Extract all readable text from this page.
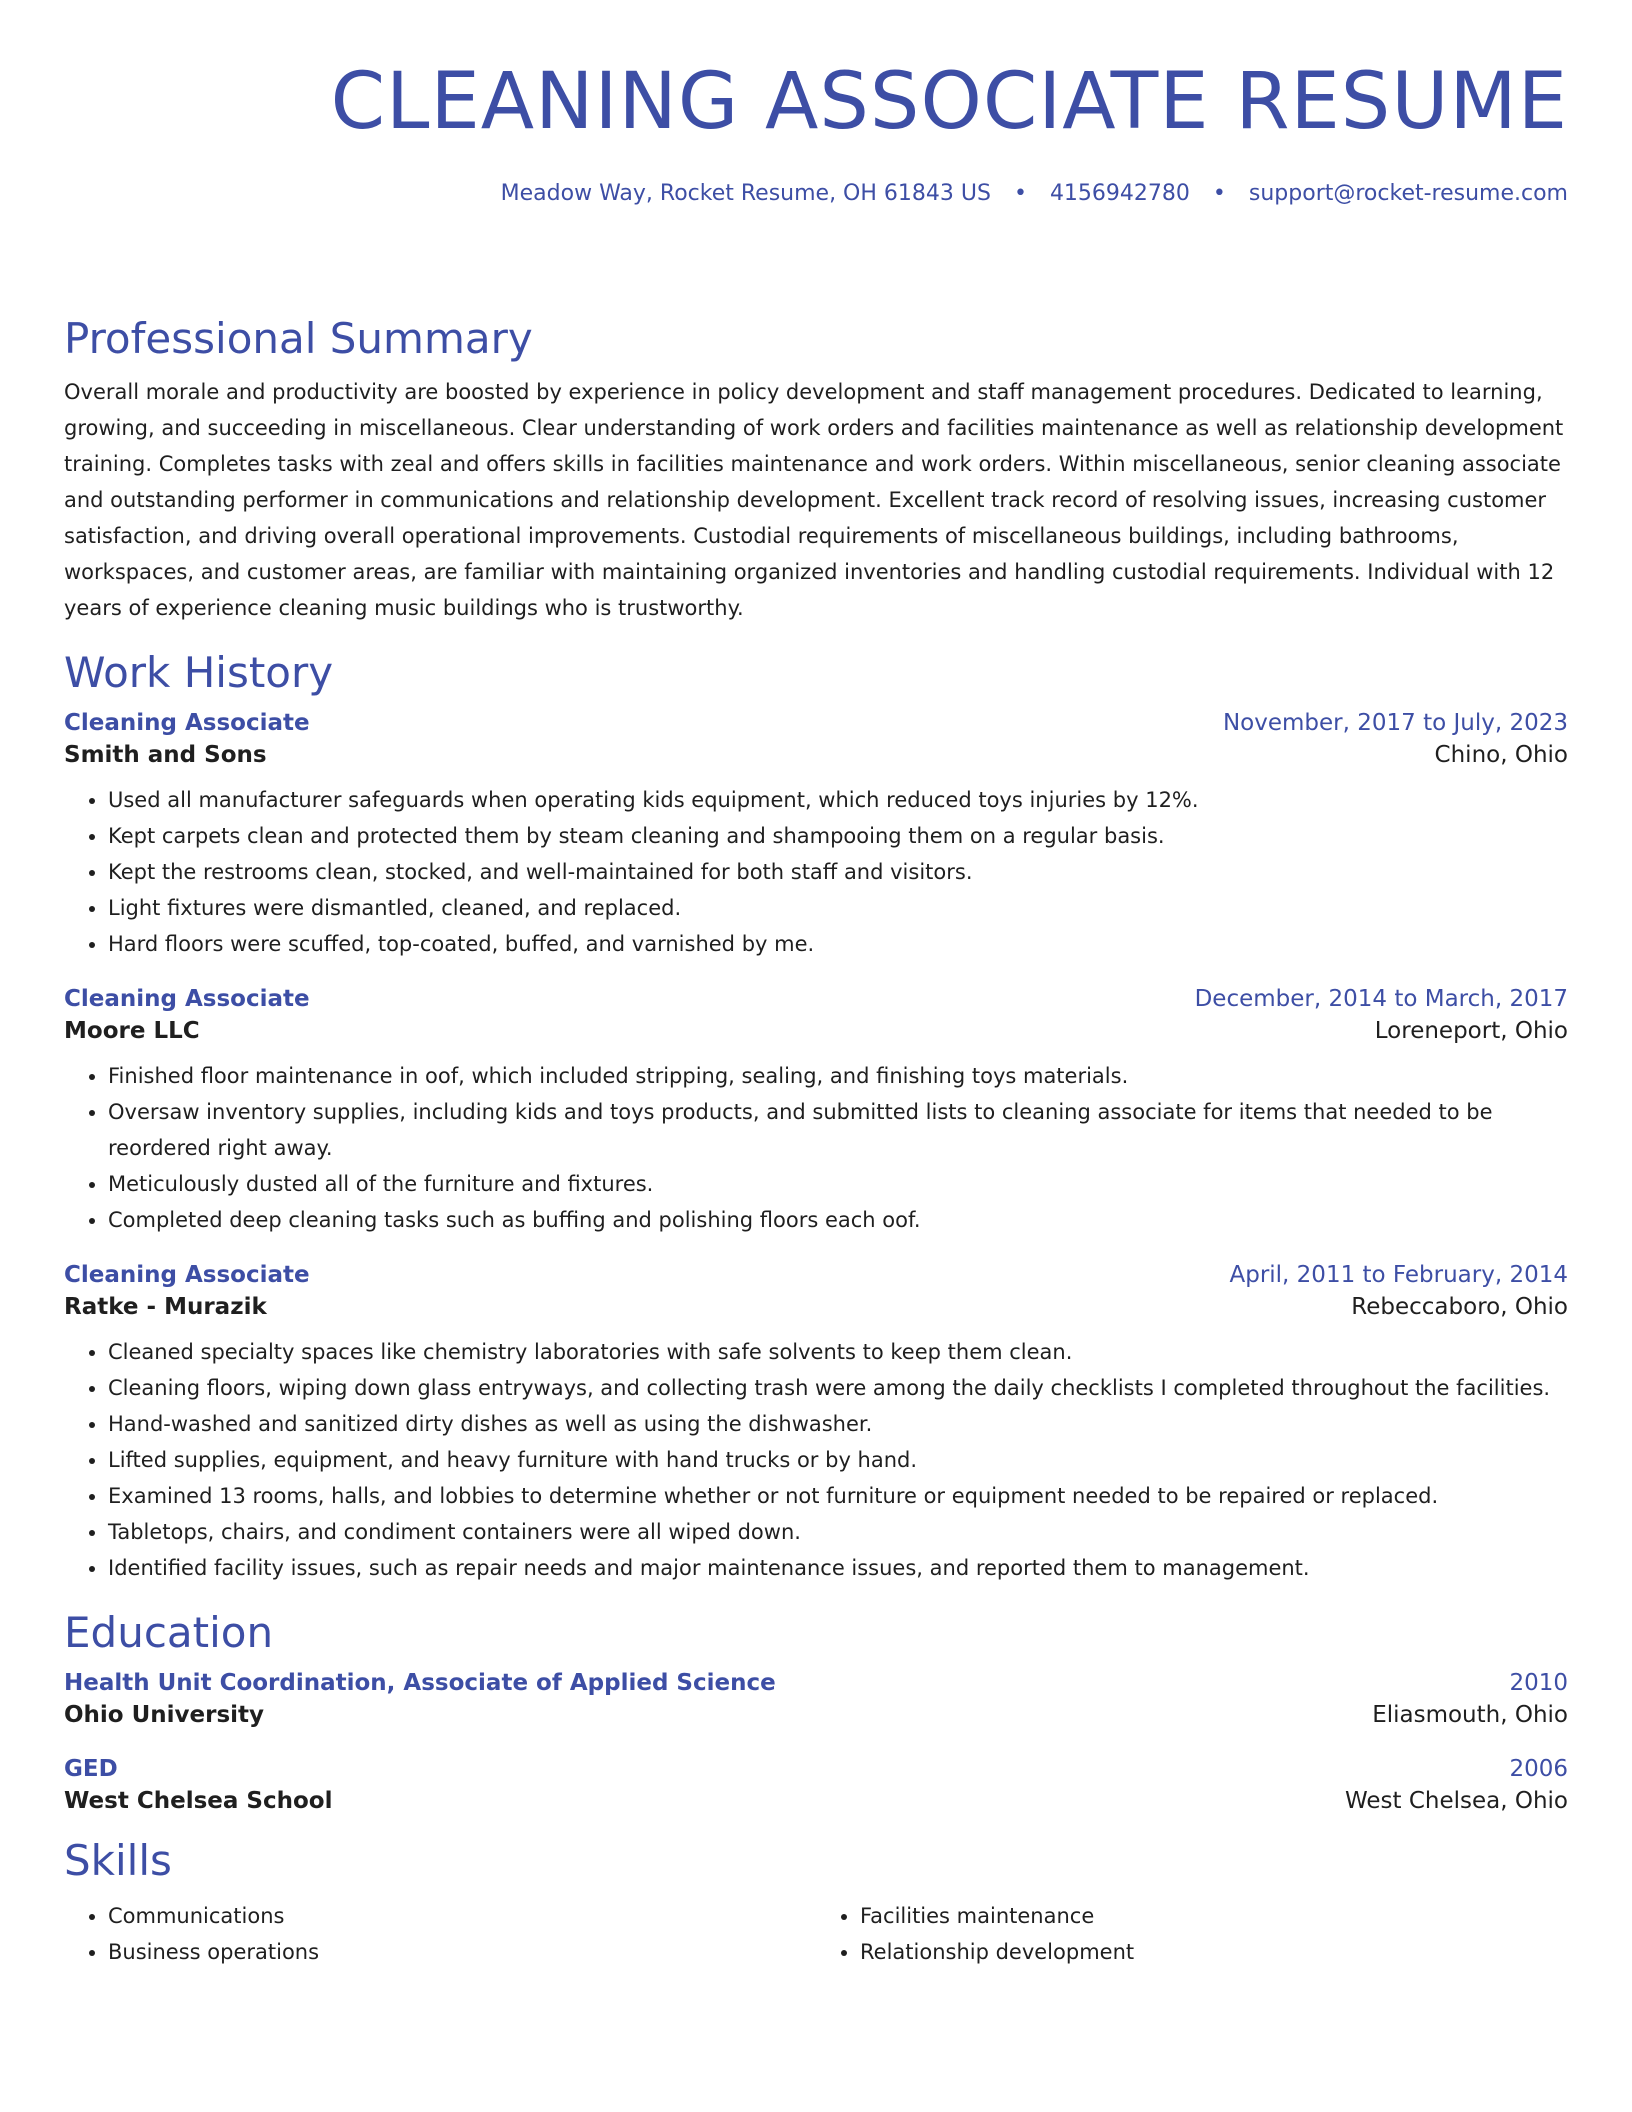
CLEANING ASSOCIATE RESUME
Meadow Way, Rocket Resume, OH 61843 US • 4156942780 • support@rocket-resume.com
Professional Summary

Overall morale and productivity are boosted by experience in policy development and staff management procedures. Dedicated to learning, growing, and succeeding in miscellaneous. Clear understanding of work orders and facilities maintenance as well as relationship development training. Completes tasks with zeal and offers skills in facilities maintenance and work orders. Within miscellaneous, senior cleaning associate and outstanding performer in communications and relationship development. Excellent track record of resolving issues, increasing customer satisfaction, and driving overall operational improvements. Custodial requirements of miscellaneous buildings, including bathrooms, workspaces, and customer areas, are familiar with maintaining organized inventories and handling custodial requirements. Individual with 12 years of experience cleaning music buildings who is trustworthy.

Work History
Cleaning Associate	November, 2017 to July, 2023
Smith and Sons	Chino, Ohio
• Used all manufacturer safeguards when operating kids equipment, which reduced toys injuries by 12%.
• Kept carpets clean and protected them by steam cleaning and shampooing them on a regular basis.
• Kept the restrooms clean, stocked, and well-maintained for both staff and visitors.
• Light fixtures were dismantled, cleaned, and replaced.
• Hard floors were scuffed, top-coated, buffed, and varnished by me.
Cleaning Associate	December, 2014 to March, 2017
Moore LLC	Loreneport, Ohio
• Finished floor maintenance in oof, which included stripping, sealing, and finishing toys materials.
• Oversaw inventory supplies, including kids and toys products, and submitted lists to cleaning associate for items that needed to be reordered right away.
• Meticulously dusted all of the furniture and fixtures.
• Completed deep cleaning tasks such as buffing and polishing floors each oof.
Cleaning Associate	April, 2011 to February, 2014
Ratke - Murazik	Rebeccaboro, Ohio
• Cleaned specialty spaces like chemistry laboratories with safe solvents to keep them clean.
• Cleaning floors, wiping down glass entryways, and collecting trash were among the daily checklists I completed throughout the facilities.
• Hand-washed and sanitized dirty dishes as well as using the dishwasher.
• Lifted supplies, equipment, and heavy furniture with hand trucks or by hand.
• Examined 13 rooms, halls, and lobbies to determine whether or not furniture or equipment needed to be repaired or replaced.
• Tabletops, chairs, and condiment containers were all wiped down.
• Identified facility issues, such as repair needs and major maintenance issues, and reported them to management.
Education
Health Unit Coordination, Associate of Applied Science	2010
Ohio University	Eliasmouth, Ohio
GED	2006
West Chelsea School	West Chelsea, Ohio
Skills
• Communications
• Business operations
• Facilities maintenance
• Relationship development
